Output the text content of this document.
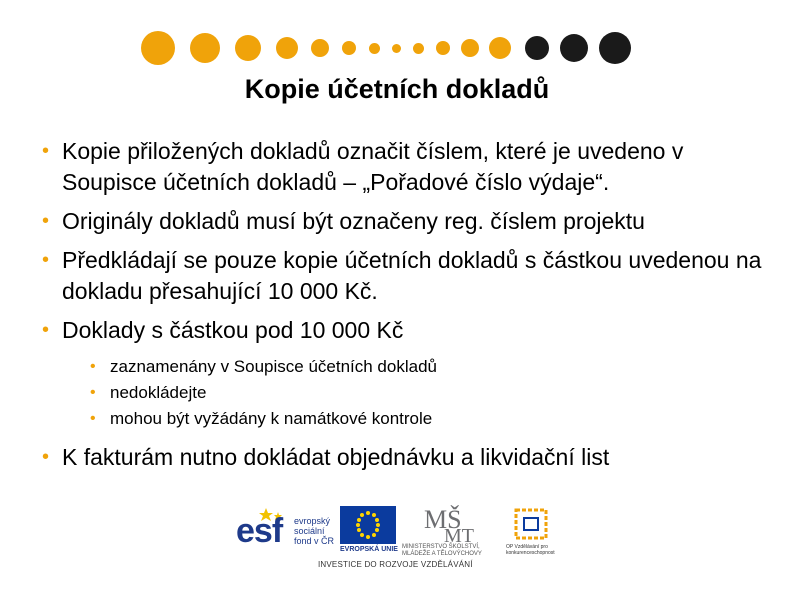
Kopie účetních dokladů
• Kopie přiložených dokladů označit číslem, které je uvedeno v Soupisce účetních dokladů – „Pořadové číslo výdaje“.
• Originály dokladů musí být označeny reg. číslem projektu
• Předkládají se pouze kopie účetních dokladů s částkou uvedenou na dokladu přesahující 10 000 Kč.
• Doklady s částkou pod 10 000 Kč
• zaznamenány v Soupisce účetních dokladů
• nedokládejte
• mohou být vyžádány k namátkové kontrole
• K fakturám nutno dokládat objednávku a likvidační list
esf evropský sociální fond v ČR
EVROPSKÁ UNIE
MŠ
MT
MINISTERSTVO ŠKOLSTVÍ, MLÁDEŽE A TĚLOVÝCHOVY
OP Vzdělávání pro konkurenceschopnost
INVESTICE DO ROZVOJE VZDĚLÁVÁNÍ
